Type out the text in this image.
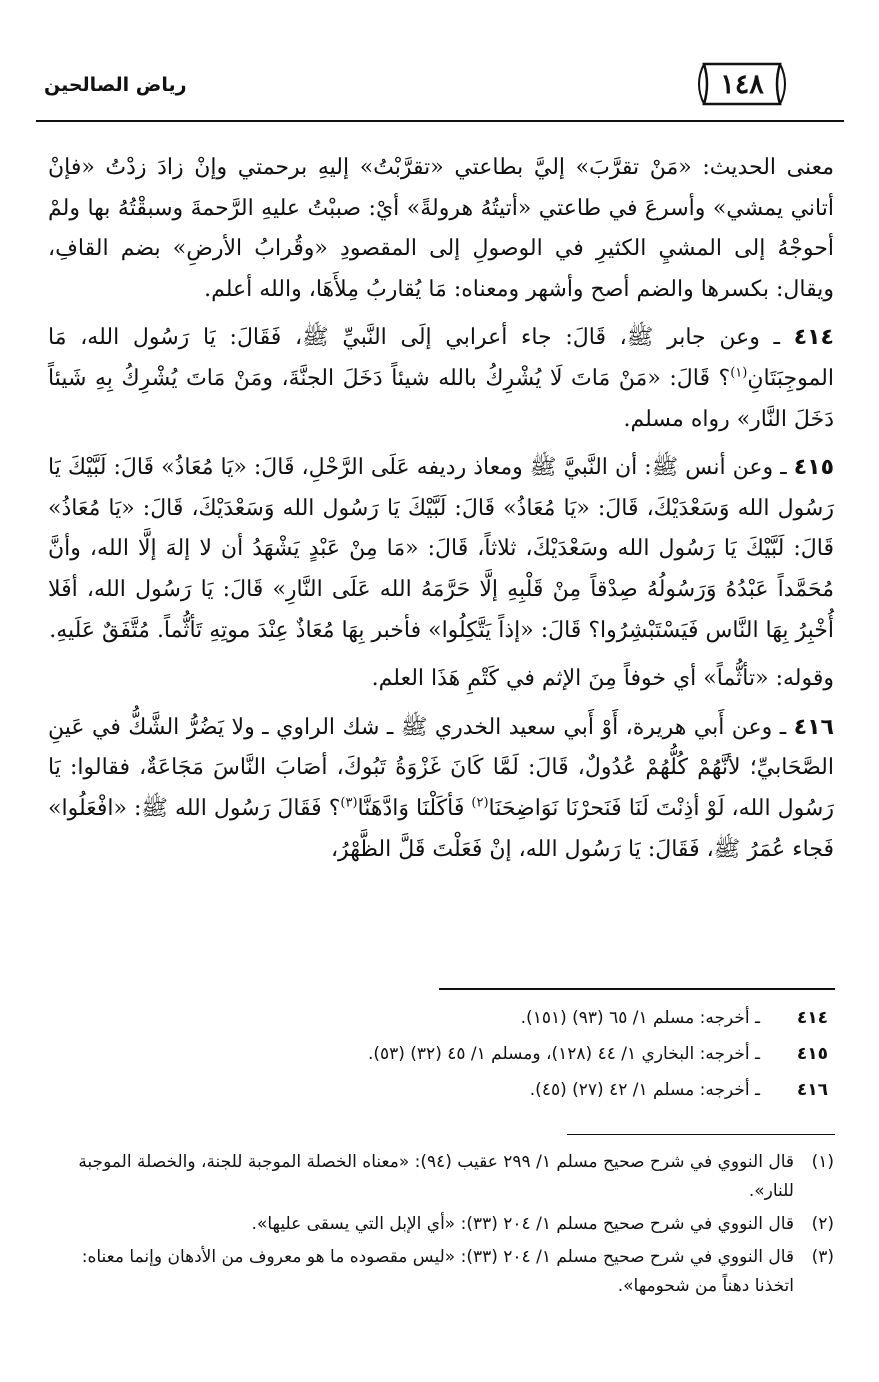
١٤٨
رياض الصالحين

معنى الحديث: «مَنْ تقرَّبَ» إليَّ بطاعتي «تقرَّبْتُ» إليهِ برحمتي وإنْ زادَ زدْتُ «فإنْ أتاني يمشي» وأسرعَ في طاعتي «أتيتُهُ هرولةً» أيْ: صببْتُ عليهِ الرَّحمةَ وسبقْتُهُ بها ولمْ أحوجْهُ إلى المشيِ الكثيرِ في الوصولِ إلى المقصودِ «وقُرابُ الأرضِ» بضم القافِ، ويقال: بكسرها والضم أصح وأشهر ومعناه: مَا يُقاربُ مِلأَهَا، والله أعلم.

٤١٤ ـ وعن جابر ﷺ، قَالَ: جاء أعرابي إلَى النَّبيِّ ﷺ، فَقَالَ: يَا رَسُول الله، مَا الموجِبَتَانِ$^{(١)}$؟ قَالَ: «مَنْ مَاتَ لَا يُشْرِكُ بالله شيئاً دَخَلَ الجنَّةَ، ومَنْ مَاتَ يُشْرِكُ بِهِ شَيئاً دَخَلَ النَّار» رواه مسلم.

٤١٥ ـ وعن أنس ﷺ: أن النَّبيَّ ﷺ ومعاذ رديفه عَلَى الرَّحْلِ، قَالَ: «يَا مُعَاذُ» قَالَ: لَبَّيْكَ يَا رَسُول الله وَسَعْدَيْكَ، قَالَ: «يَا مُعَاذُ» قَالَ: لَبَّيْكَ يَا رَسُول الله وَسَعْدَيْكَ، قَالَ: «يَا مُعَاذُ» قَالَ: لَبَّيْكَ يَا رَسُول الله وسَعْدَيْكَ، ثلاثاً، قَالَ: «مَا مِنْ عَبْدٍ يَشْهَدُ أن لا إلهَ إلَّا الله، وأنَّ مُحَمَّداً عَبْدُهُ وَرَسُولُهُ صِدْقاً مِنْ قَلْبِهِ إلَّا حَرَّمَهُ الله عَلَى النَّارِ» قَالَ: يَا رَسُول الله، أفَلا أُخْبِرُ بِهَا النَّاس فَيَسْتَبْشِرُوا؟ قَالَ: «إذاً يَتَّكِلُوا» فأخبر بِهَا مُعَاذٌ عِنْدَ موتِهِ تَأثُّماً. مُتَّفَقٌ عَلَيهِ.

وقوله: «تأثُّماً» أي خوفاً مِنَ الإثم في كَتْمِ هَذَا العلم.

٤١٦ ـ وعن أَبي هريرة، أَوْ أَبي سعيد الخدري ﷺ ـ شك الراوي ـ ولا يَضُرُّ الشَّكُّ في عَينِ الصَّحَابيِّ؛ لأنَّهُمْ كُلُّهُمْ عُدُولٌ، قَالَ: لَمَّا كَانَ غَزْوَةُ تَبُوكَ، أصَابَ النَّاسَ مَجَاعَةٌ، فقالوا: يَا رَسُول الله، لَوْ أذِنْتَ لَنَا فَنَحرْنَا نَوَاضِحَنَا$^{(٢)}$ فَأكَلْنَا وَادَّهَنَّا$^{(٣)}$؟ فَقَالَ رَسُول الله ﷺ: «افْعَلُوا» فَجاء عُمَرُ ﷺ، فَقَالَ: يَا رَسُول الله، إنْ فَعَلْتَ قَلَّ الظَّهْرُ،

٤١٤
ـ أخرجه: مسلم ١/ ٦٥ (٩٣) (١٥١).
٤١٥
ـ أخرجه: البخاري ١/ ٤٤ (١٢٨)، ومسلم ١/ ٤٥ (٣٢) (٥٣).
٤١٦
ـ أخرجه: مسلم ١/ ٤٢ (٢٧) (٤٥).
(١)
قال النووي في شرح صحيح مسلم ١/ ٢٩٩ عقيب (٩٤): «معناه الخصلة الموجبة للجنة، والخصلة الموجبة للنار».
(٢)
قال النووي في شرح صحيح مسلم ١/ ٢٠٤ (٣٣): «أي الإبل التي يسقى عليها».
(٣)
قال النووي في شرح صحيح مسلم ١/ ٢٠٤ (٣٣): «ليس مقصوده ما هو معروف من الأدهان وإنما معناه: اتخذنا دهناً من شحومها».
